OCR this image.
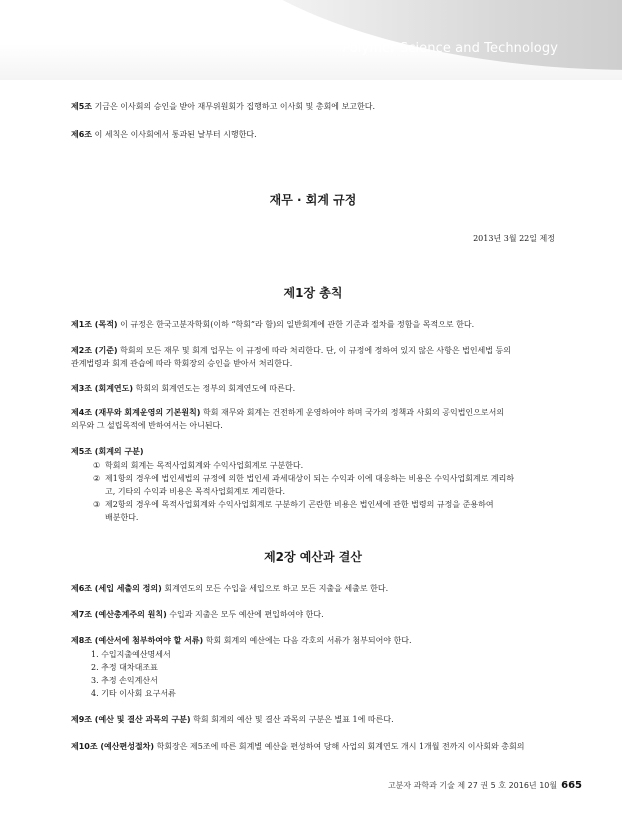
Polymer Science and Technology

제5조 기금은 이사회의 승인을 받아 재무위원회가 집행하고 이사회 및 총회에 보고한다.

제6조 이 세칙은 이사회에서 통과된 날부터 시행한다.

재무 · 회계 규정
2013년 3월 22일 제정
제1장 총칙

제1조 (목적) 이 규정은 한국고분자학회(이하 “학회”라 함)의 일반회계에 관한 기준과 절차를 정함을 목적으로 한다.

제2조 (기준) 학회의 모든 재무 및 회계 업무는 이 규정에 따라 처리한다. 단, 이 규정에 정하여 있지 않은 사항은 법인세법 등의
관계법령과 회계 관습에 따라 학회장의 승인을 받아서 처리한다.

제3조 (회계연도) 학회의 회계연도는 정부의 회계연도에 따른다.

제4조 (재무와 회계운영의 기본원칙) 학회 재무와 회계는 건전하게 운영하여야 하며 국가의 정책과 사회의 공익법인으로서의
의무와 그 설립목적에 반하여서는 아니된다.

제5조 (회계의 구분)

① 학회의 회계는 목적사업회계와 수익사업회계로 구분한다.

② 제1항의 경우에 법인세법의 규정에 의한 법인세 과세대상이 되는 수익과 이에 대응하는 비용은 수익사업회계로 계리하
고, 기타의 수익과 비용은 목적사업회계로 계리한다.

③ 제2항의 경우에 목적사업회계와 수익사업회계로 구분하기 곤란한 비용은 법인세에 관한 법령의 규정을 준용하여
배분한다.

제2장 예산과 결산

제6조 (세입 세출의 정의) 회계연도의 모든 수입을 세입으로 하고 모든 지출을 세출로 한다.

제7조 (예산총계주의 원칙) 수입과 지출은 모두 예산에 편입하여야 한다.

제8조 (예산서에 첨부하여야 할 서류) 학회 회계의 예산에는 다음 각호의 서류가 첨부되어야 한다.

1. 수입지출예산명세서

2. 추정 대차대조표

3. 추정 손익계산서

4. 기타 이사회 요구서류

제9조 (예산 및 결산 과목의 구분) 학회 회계의 예산 및 결산 과목의 구분은 별표 1에 따른다.

제10조 (예산편성절차) 학회장은 제5조에 따른 회계별 예산을 편성하여 당해 사업의 회계연도 개시 1개월 전까지 이사회와 총회의

고분자 과학과 기술 제 27 권 5 호 2016년 10월 665
